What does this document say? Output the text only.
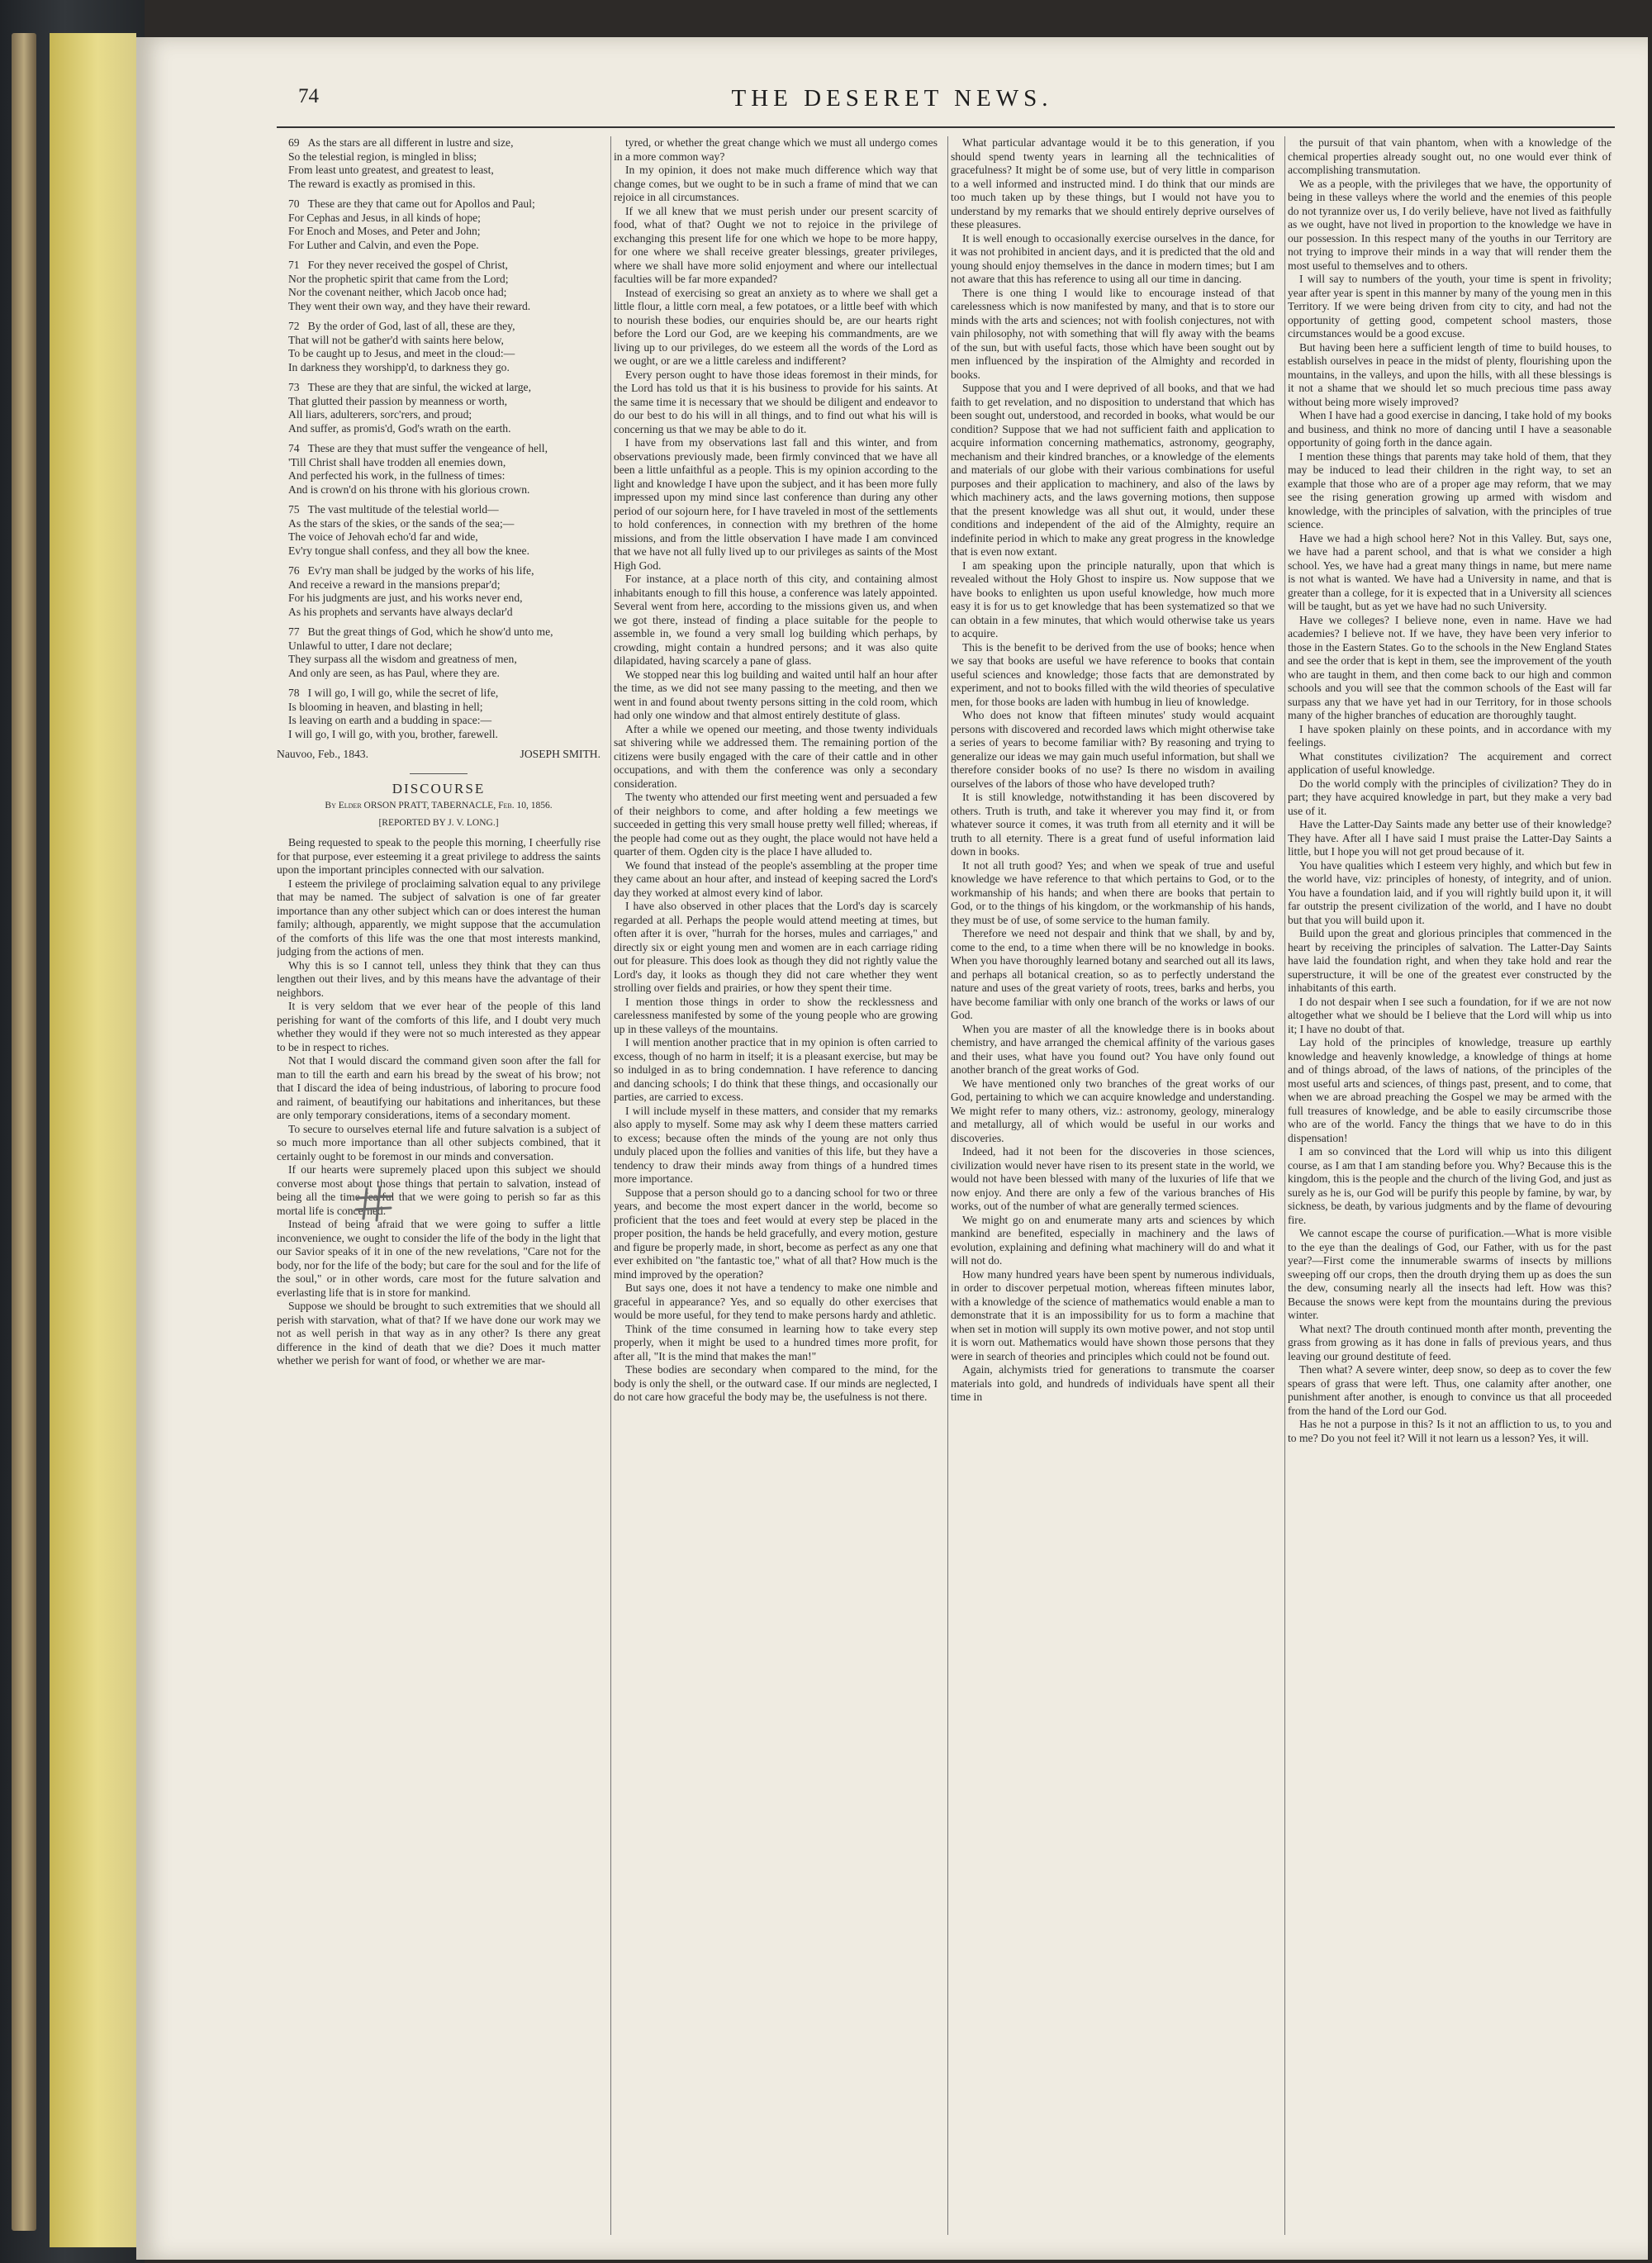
THE DESERET NEWS.
74
69 As the stars are all different in lustre and size,
So the telestial region, is mingled in bliss;
From least unto greatest, and greatest to least,
The reward is exactly as promised in this.
70 These are they that came out for Apollos and Paul;
For Cephas and Jesus, in all kinds of hope;
For Enoch and Moses, and Peter and John;
For Luther and Calvin, and even the Pope.
71 For they never received the gospel of Christ,
Nor the prophetic spirit that came from the Lord;
Nor the covenant neither, which Jacob once had;
They went their own way, and they have their reward.
72 By the order of God, last of all, these are they,
That will not be gather'd with saints here below,
To be caught up to Jesus, and meet in the cloud:—
In darkness they worshipp'd, to darkness they go.
73 These are they that are sinful, the wicked at large,
That glutted their passion by meanness or worth,
All liars, adulterers, sorc'rers, and proud;
And suffer, as promis'd, God's wrath on the earth.
74 These are they that must suffer the vengeance of hell,
'Till Christ shall have trodden all enemies down,
And perfected his work, in the fullness of times:
And is crown'd on his throne with his glorious crown.
75 The vast multitude of the telestial world—
As the stars of the skies, or the sands of the sea;—
The voice of Jehovah echo'd far and wide,
Ev'ry tongue shall confess, and they all bow the knee.
76 Ev'ry man shall be judged by the works of his life,
And receive a reward in the mansions prepar'd;
For his judgments are just, and his works never end,
As his prophets and servants have always declar'd
77 But the great things of God, which he show'd unto me,
Unlawful to utter, I dare not declare;
They surpass all the wisdom and greatness of men,
And only are seen, as has Paul, where they are.
78 I will go, I will go, while the secret of life,
Is blooming in heaven, and blasting in hell;
Is leaving on earth and a budding in space:—
I will go, I will go, with you, brother, farewell.
Nauvoo, Feb., 1843.	JOSEPH SMITH.
DISCOURSE
By Elder ORSON PRATT, TABERNACLE, Feb. 10, 1856.
[REPORTED BY J. V. LONG.]

Being requested to speak to the people this morning, I cheerfully rise for that purpose, ever esteeming it a great privilege to address the saints upon the important principles connected with our salvation.

I esteem the privilege of proclaiming salvation equal to any privilege that may be named. The subject of salvation is one of far greater importance than any other subject which can or does interest the human family; although, apparently, we might suppose that the accumulation of the comforts of this life was the one that most interests mankind, judging from the actions of men.

Why this is so I cannot tell, unless they think that they can thus lengthen out their lives, and by this means have the advantage of their neighbors.

It is very seldom that we ever hear of the people of this land perishing for want of the comforts of this life, and I doubt very much whether they would if they were not so much interested as they appear to be in respect to riches.

Not that I would discard the command given soon after the fall for man to till the earth and earn his bread by the sweat of his brow; not that I discard the idea of being industrious, of laboring to procure food and raiment, of beautifying our habitations and inheritances, but these are only temporary considerations, items of a secondary moment.

To secure to ourselves eternal life and future salvation is a subject of so much more importance than all other subjects combined, that it certainly ought to be foremost in our minds and conversation.

If our hearts were supremely placed upon this subject we should converse most about those things that pertain to salvation, instead of being all the time fearful that we were going to perish so far as this mortal life is concerned.

Instead of being afraid that we were going to suffer a little inconvenience, we ought to consider the life of the body in the light that our Savior speaks of it in one of the new revelations, "Care not for the body, nor for the life of the body; but care for the soul and for the life of the soul," or in other words, care most for the future salvation and everlasting life that is in store for mankind.

Suppose we should be brought to such extremities that we should all perish with starvation, what of that? If we have done our work may we not as well perish in that way as in any other? Is there any great difference in the kind of death that we die? Does it much matter whether we perish for want of food, or whether we are mar-

tyred, or whether the great change which we must all undergo comes in a more common way?

In my opinion, it does not make much difference which way that change comes, but we ought to be in such a frame of mind that we can rejoice in all circumstances.

If we all knew that we must perish under our present scarcity of food, what of that? Ought we not to rejoice in the privilege of exchanging this present life for one which we hope to be more happy, for one where we shall receive greater blessings, greater privileges, where we shall have more solid enjoyment and where our intellectual faculties will be far more expanded?

Instead of exercising so great an anxiety as to where we shall get a little flour, a little corn meal, a few potatoes, or a little beef with which to nourish these bodies, our enquiries should be, are our hearts right before the Lord our God, are we keeping his commandments, are we living up to our privileges, do we esteem all the words of the Lord as we ought, or are we a little careless and indifferent?

Every person ought to have those ideas foremost in their minds, for the Lord has told us that it is his business to provide for his saints. At the same time it is necessary that we should be diligent and endeavor to do our best to do his will in all things, and to find out what his will is concerning us that we may be able to do it.

I have from my observations last fall and this winter, and from observations previously made, been firmly convinced that we have all been a little unfaithful as a people. This is my opinion according to the light and knowledge I have upon the subject, and it has been more fully impressed upon my mind since last conference than during any other period of our sojourn here, for I have traveled in most of the settlements to hold conferences, in connection with my brethren of the home missions, and from the little observation I have made I am convinced that we have not all fully lived up to our privileges as saints of the Most High God.

For instance, at a place north of this city, and containing almost inhabitants enough to fill this house, a conference was lately appointed. Several went from here, according to the missions given us, and when we got there, instead of finding a place suitable for the people to assemble in, we found a very small log building which perhaps, by crowding, might contain a hundred persons; and it was also quite dilapidated, having scarcely a pane of glass.

We stopped near this log building and waited until half an hour after the time, as we did not see many passing to the meeting, and then we went in and found about twenty persons sitting in the cold room, which had only one window and that almost entirely destitute of glass.

After a while we opened our meeting, and those twenty individuals sat shivering while we addressed them. The remaining portion of the citizens were busily engaged with the care of their cattle and in other occupations, and with them the conference was only a secondary consideration.

The twenty who attended our first meeting went and persuaded a few of their neighbors to come, and after holding a few meetings we succeeded in getting this very small house pretty well filled; whereas, if the people had come out as they ought, the place would not have held a quarter of them. Ogden city is the place I have alluded to.

We found that instead of the people's assembling at the proper time they came about an hour after, and instead of keeping sacred the Lord's day they worked at almost every kind of labor.

I have also observed in other places that the Lord's day is scarcely regarded at all. Perhaps the people would attend meeting at times, but often after it is over, "hurrah for the horses, mules and carriages," and directly six or eight young men and women are in each carriage riding out for pleasure. This does look as though they did not rightly value the Lord's day, it looks as though they did not care whether they went strolling over fields and prairies, or how they spent their time.

I mention those things in order to show the recklessness and carelessness manifested by some of the young people who are growing up in these valleys of the mountains.

I will mention another practice that in my opinion is often carried to excess, though of no harm in itself; it is a pleasant exercise, but may be so indulged in as to bring condemnation. I have reference to dancing and dancing schools; I do think that these things, and occasionally our parties, are carried to excess.

I will include myself in these matters, and consider that my remarks also apply to myself. Some may ask why I deem these matters carried to excess; because often the minds of the young are not only thus unduly placed upon the follies and vanities of this life, but they have a tendency to draw their minds away from things of a hundred times more importance.

Suppose that a person should go to a dancing school for two or three years, and become the most expert dancer in the world, become so proficient that the toes and feet would at every step be placed in the proper position, the hands be held gracefully, and every motion, gesture and figure be properly made, in short, become as perfect as any one that ever exhibited on "the fantastic toe," what of all that? How much is the mind improved by the operation?

But says one, does it not have a tendency to make one nimble and graceful in appearance? Yes, and so equally do other exercises that would be more useful, for they tend to make persons hardy and athletic.

Think of the time consumed in learning how to take every step properly, when it might be used to a hundred times more profit, for after all, "It is the mind that makes the man!"

These bodies are secondary when compared to the mind, for the body is only the shell, or the outward case. If our minds are neglected, I do not care how graceful the body may be, the usefulness is not there.

What particular advantage would it be to this generation, if you should spend twenty years in learning all the technicalities of gracefulness? It might be of some use, but of very little in comparison to a well informed and instructed mind. I do think that our minds are too much taken up by these things, but I would not have you to understand by my remarks that we should entirely deprive ourselves of these pleasures.

It is well enough to occasionally exercise ourselves in the dance, for it was not prohibited in ancient days, and it is predicted that the old and young should enjoy themselves in the dance in modern times; but I am not aware that this has reference to using all our time in dancing.

There is one thing I would like to encourage instead of that carelessness which is now manifested by many, and that is to store our minds with the arts and sciences; not with foolish conjectures, not with vain philosophy, not with something that will fly away with the beams of the sun, but with useful facts, those which have been sought out by men influenced by the inspiration of the Almighty and recorded in books.

Suppose that you and I were deprived of all books, and that we had faith to get revelation, and no disposition to understand that which has been sought out, understood, and recorded in books, what would be our condition? Suppose that we had not sufficient faith and application to acquire information concerning mathematics, astronomy, geography, mechanism and their kindred branches, or a knowledge of the elements and materials of our globe with their various combinations for useful purposes and their application to machinery, and also of the laws by which machinery acts, and the laws governing motions, then suppose that the present knowledge was all shut out, it would, under these conditions and independent of the aid of the Almighty, require an indefinite period in which to make any great progress in the knowledge that is even now extant.

I am speaking upon the principle naturally, upon that which is revealed without the Holy Ghost to inspire us. Now suppose that we have books to enlighten us upon useful knowledge, how much more easy it is for us to get knowledge that has been systematized so that we can obtain in a few minutes, that which would otherwise take us years to acquire.

This is the benefit to be derived from the use of books; hence when we say that books are useful we have reference to books that contain useful sciences and knowledge; those facts that are demonstrated by experiment, and not to books filled with the wild theories of speculative men, for those books are laden with humbug in lieu of knowledge.

Who does not know that fifteen minutes' study would acquaint persons with discovered and recorded laws which might otherwise take a series of years to become familiar with? By reasoning and trying to generalize our ideas we may gain much useful information, but shall we therefore consider books of no use? Is there no wisdom in availing ourselves of the labors of those who have developed truth?

It is still knowledge, notwithstanding it has been discovered by others. Truth is truth, and take it wherever you may find it, or from whatever source it comes, it was truth from all eternity and it will be truth to all eternity. There is a great fund of useful information laid down in books.

It not all truth good? Yes; and when we speak of true and useful knowledge we have reference to that which pertains to God, or to the workmanship of his hands; and when there are books that pertain to God, or to the things of his kingdom, or the workmanship of his hands, they must be of use, of some service to the human family.

Therefore we need not despair and think that we shall, by and by, come to the end, to a time when there will be no knowledge in books. When you have thoroughly learned botany and searched out all its laws, and perhaps all botanical creation, so as to perfectly understand the nature and uses of the great variety of roots, trees, barks and herbs, you have become familiar with only one branch of the works or laws of our God.

When you are master of all the knowledge there is in books about chemistry, and have arranged the chemical affinity of the various gases and their uses, what have you found out? You have only found out another branch of the great works of God.

We have mentioned only two branches of the great works of our God, pertaining to which we can acquire knowledge and understanding. We might refer to many others, viz.: astronomy, geology, mineralogy and metallurgy, all of which would be useful in our works and discoveries.

Indeed, had it not been for the discoveries in those sciences, civilization would never have risen to its present state in the world, we would not have been blessed with many of the luxuries of life that we now enjoy. And there are only a few of the various branches of His works, out of the number of what are generally termed sciences.

We might go on and enumerate many arts and sciences by which mankind are benefited, especially in machinery and the laws of evolution, explaining and defining what machinery will do and what it will not do.

How many hundred years have been spent by numerous individuals, in order to discover perpetual motion, whereas fifteen minutes labor, with a knowledge of the science of mathematics would enable a man to demonstrate that it is an impossibility for us to form a machine that when set in motion will supply its own motive power, and not stop until it is worn out. Mathematics would have shown those persons that they were in search of theories and principles which could not be found out.

Again, alchymists tried for generations to transmute the coarser materials into gold, and hundreds of individuals have spent all their time in

the pursuit of that vain phantom, when with a knowledge of the chemical properties already sought out, no one would ever think of accomplishing transmutation.

We as a people, with the privileges that we have, the opportunity of being in these valleys where the world and the enemies of this people do not tyrannize over us, I do verily believe, have not lived as faithfully as we ought, have not lived in proportion to the knowledge we have in our possession. In this respect many of the youths in our Territory are not trying to improve their minds in a way that will render them the most useful to themselves and to others.

I will say to numbers of the youth, your time is spent in frivolity; year after year is spent in this manner by many of the young men in this Territory. If we were being driven from city to city, and had not the opportunity of getting good, competent school masters, those circumstances would be a good excuse.

But having been here a sufficient length of time to build houses, to establish ourselves in peace in the midst of plenty, flourishing upon the mountains, in the valleys, and upon the hills, with all these blessings is it not a shame that we should let so much precious time pass away without being more wisely improved?

When I have had a good exercise in dancing, I take hold of my books and business, and think no more of dancing until I have a seasonable opportunity of going forth in the dance again.

I mention these things that parents may take hold of them, that they may be induced to lead their children in the right way, to set an example that those who are of a proper age may reform, that we may see the rising generation growing up armed with wisdom and knowledge, with the principles of salvation, with the principles of true science.

Have we had a high school here? Not in this Valley. But, says one, we have had a parent school, and that is what we consider a high school. Yes, we have had a great many things in name, but mere name is not what is wanted. We have had a University in name, and that is greater than a college, for it is expected that in a University all sciences will be taught, but as yet we have had no such University.

Have we colleges? I believe none, even in name. Have we had academies? I believe not. If we have, they have been very inferior to those in the Eastern States. Go to the schools in the New England States and see the order that is kept in them, see the improvement of the youth who are taught in them, and then come back to our high and common schools and you will see that the common schools of the East will far surpass any that we have yet had in our Territory, for in those schools many of the higher branches of education are thoroughly taught.

I have spoken plainly on these points, and in accordance with my feelings.

What constitutes civilization? The acquirement and correct application of useful knowledge.

Do the world comply with the principles of civilization? They do in part; they have acquired knowledge in part, but they make a very bad use of it.

Have the Latter-Day Saints made any better use of their knowledge? They have. After all I have said I must praise the Latter-Day Saints a little, but I hope you will not get proud because of it.

You have qualities which I esteem very highly, and which but few in the world have, viz: principles of honesty, of integrity, and of union. You have a foundation laid, and if you will rightly build upon it, it will far outstrip the present civilization of the world, and I have no doubt but that you will build upon it.

Build upon the great and glorious principles that commenced in the heart by receiving the principles of salvation. The Latter-Day Saints have laid the foundation right, and when they take hold and rear the superstructure, it will be one of the greatest ever constructed by the inhabitants of this earth.

I do not despair when I see such a foundation, for if we are not now altogether what we should be I believe that the Lord will whip us into it; I have no doubt of that.

Lay hold of the principles of knowledge, treasure up earthly knowledge and heavenly knowledge, a knowledge of things at home and of things abroad, of the laws of nations, of the principles of the most useful arts and sciences, of things past, present, and to come, that when we are abroad preaching the Gospel we may be armed with the full treasures of knowledge, and be able to easily circumscribe those who are of the world. Fancy the things that we have to do in this dispensation!

I am so convinced that the Lord will whip us into this diligent course, as I am that I am standing before you. Why? Because this is the kingdom, this is the people and the church of the living God, and just as surely as he is, our God will be purify this people by famine, by war, by sickness, be death, by various judgments and by the flame of devouring fire.

We cannot escape the course of purification.—What is more visible to the eye than the dealings of God, our Father, with us for the past year?—First come the innumerable swarms of insects by millions sweeping off our crops, then the drouth drying them up as does the sun the dew, consuming nearly all the insects had left. How was this? Because the snows were kept from the mountains during the previous winter.

What next? The drouth continued month after month, preventing the grass from growing as it has done in falls of previous years, and thus leaving our ground destitute of feed.

Then what? A severe winter, deep snow, so deep as to cover the few spears of grass that were left. Thus, one calamity after another, one punishment after another, is enough to convince us that all proceeded from the hand of the Lord our God.

Has he not a purpose in this? Is it not an affliction to us, to you and to me? Do you not feel it? Will it not learn us a lesson? Yes, it will.
